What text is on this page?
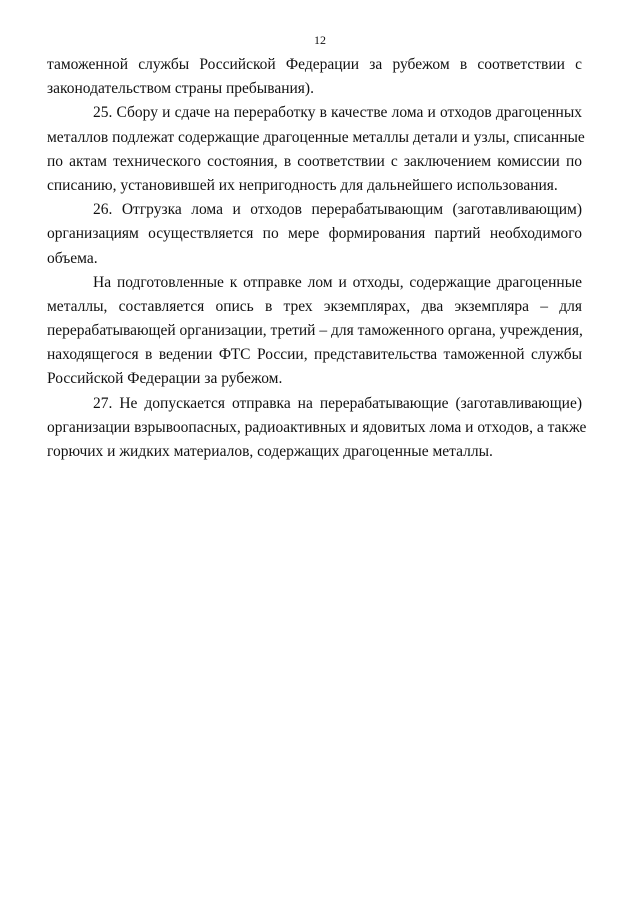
12
таможенной службы Российской Федерации за рубежом в соответствии с
законодательством страны пребывания).
25. Сбору и сдаче на переработку в качестве лома и отходов драгоценных
металлов подлежат содержащие драгоценные металлы детали и узлы, списанные
по актам технического состояния, в соответствии с заключением комиссии по
списанию, установившей их непригодность для дальнейшего использования.
26. Отгрузка лома и отходов перерабатывающим (заготавливающим)
организациям осуществляется по мере формирования партий необходимого
объема.
На подготовленные к отправке лом и отходы, содержащие драгоценные
металлы, составляется опись в трех экземплярах, два экземпляра – для
перерабатывающей организации, третий – для таможенного органа, учреждения,
находящегося в ведении ФТС России, представительства таможенной службы
Российской Федерации за рубежом.
27. Не допускается отправка на перерабатывающие (заготавливающие)
организации взрывоопасных, радиоактивных и ядовитых лома и отходов, а также
горючих и жидких материалов, содержащих драгоценные металлы.
